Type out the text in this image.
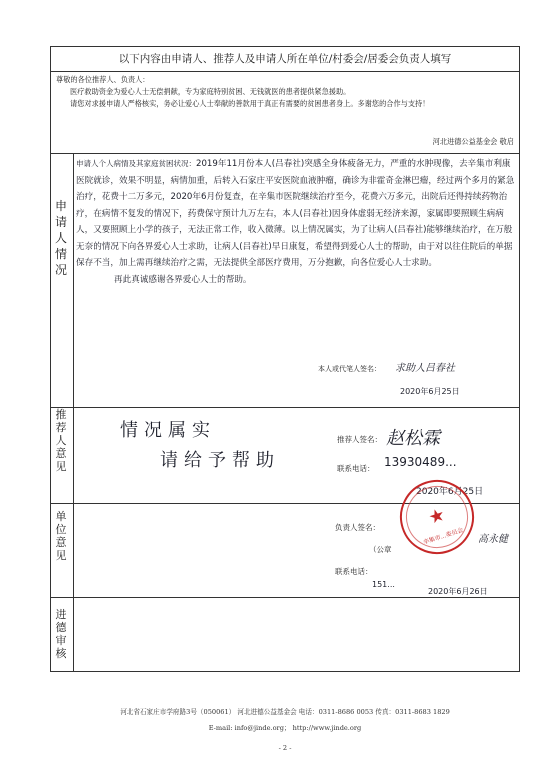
以下内容由申请人、推荐人及申请人所在单位/村委会/居委会负责人填写
尊敬的各位推荐人、负责人：
医疗救助资金为爱心人士无偿捐献，专为家庭特别贫困、无钱就医的患者提供紧急援助。
请您对求援申请人严格核实，务必让爱心人士奉献的善款用于真正有需要的贫困患者身上。多谢您的合作与支持！
河北进德公益基金会 敬启
申请人情况
申请人个人病情及其家庭贫困状况：2019年11月份本人(吕春社)突感全身体疲备无力，严重的水肿现像，去辛集市利康医院就诊，效果不明显，病情加重，后转入石家庄平安医院血液肿瘤，确诊为非霍奇金淋巴瘤，经过两个多月的紧急治疗，花费十二万多元，2020年6月份复查，在辛集市医院继续治疗至今，花费六万多元，出院后还得持续药物治疗，在病情不复发的情况下，药费保守预计九万左右，本人(吕春社)因身体虚弱无经济来源，家属即要照顾生病病人，又要照顾上小学的孩子，无法正常工作，收入微薄。以上情况属实，为了让病人(吕春社)能够继续治疗，在万般无奈的情况下向各界爱心人士求助，让病人(吕春社)早日康复，希望得到爱心人士的帮助，由于对以往住院后的单据保存不当，加上需再继续治疗之需，无法提供全部医疗费用，万分抱歉，向各位爱心人士求助。
再此真诚感谢各界爱心人士的帮助。
本人或代笔人签名： 求助人吕春社
2020年6月25日
推荐人意见
情况属实
请给予帮助
推荐人签名： 赵松霖
联系电话： 13930489...
2020年6月25日
单位意见
负责人签名：
高永健
（公章
联系电话：
151...
2020年6月26日
★
辛集市...委员会
进德审核
河北省石家庄市学府路3号（050061） 河北进德公益基金会 电话：0311-8686 0053 传真：0311-8683 1829
E-mail: info@jinde.org； http://www.jinde.org
- 2 -
